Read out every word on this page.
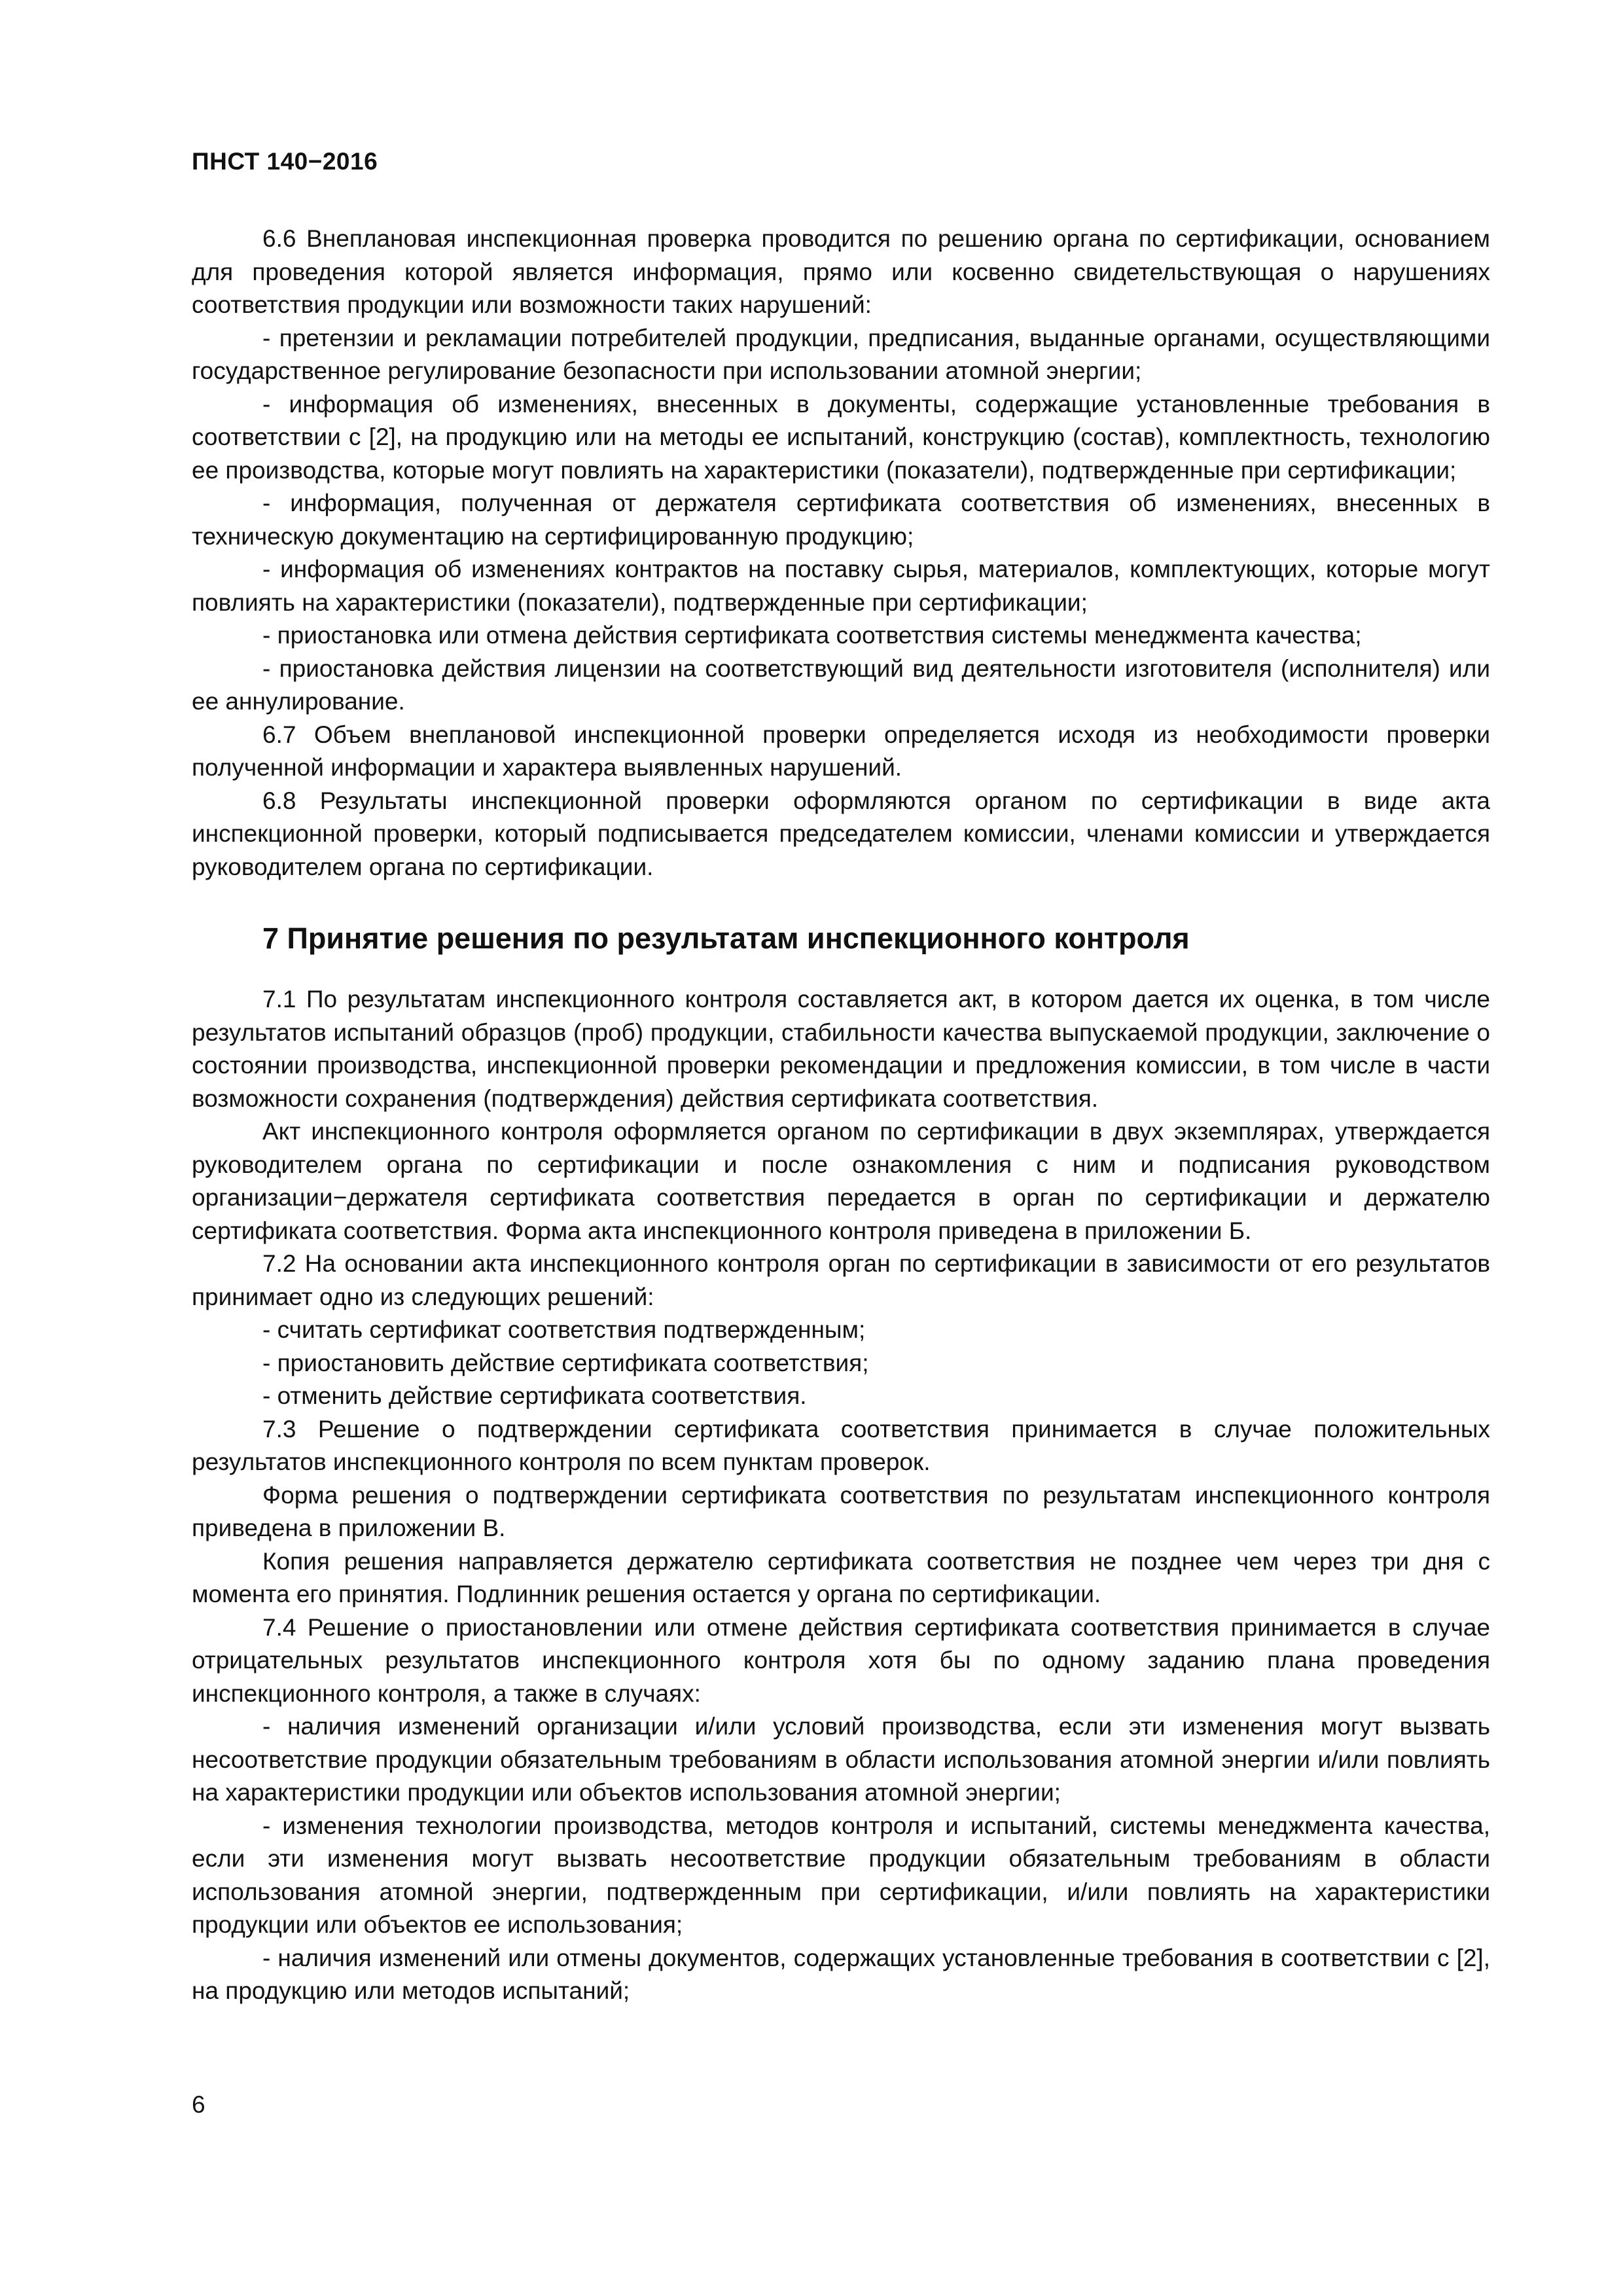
ПНСТ 140−2016

6.6 Внеплановая инспекционная проверка проводится по решению органа по сертификации, основанием для проведения которой является информация, прямо или косвенно свидетельствующая о нарушениях соответствия продукции или возможности таких нарушений:

- претензии и рекламации потребителей продукции, предписания, выданные органами, осуществляющими государственное регулирование безопасности при использовании атомной энергии;

- информация об изменениях, внесенных в документы, содержащие установленные требования в соответствии с [2], на продукцию или на методы ее испытаний, конструкцию (состав), комплектность, технологию ее производства, которые могут повлиять на характеристики (показатели), подтвержденные при сертификации;

- информация, полученная от держателя сертификата соответствия об изменениях, внесенных в техническую документацию на сертифицированную продукцию;

- информация об изменениях контрактов на поставку сырья, материалов, комплектующих, которые могут повлиять на характеристики (показатели), подтвержденные при сертификации;

- приостановка или отмена действия сертификата соответствия системы менеджмента качества;

- приостановка действия лицензии на соответствующий вид деятельности изготовителя (исполнителя) или ее аннулирование.

6.7 Объем внеплановой инспекционной проверки определяется исходя из необходимости проверки полученной информации и характера выявленных нарушений.

6.8 Результаты инспекционной проверки оформляются органом по сертификации в виде акта инспекционной проверки, который подписывается председателем комиссии, членами комиссии и утверждается руководителем органа по сертификации.

7 Принятие решения по результатам инспекционного контроля

7.1 По результатам инспекционного контроля составляется акт, в котором дается их оценка, в том числе результатов испытаний образцов (проб) продукции, стабильности качества выпускаемой продукции, заключение о состоянии производства, инспекционной проверки рекомендации и предложения комиссии, в том числе в части возможности сохранения (подтверждения) действия сертификата соответствия.

Акт инспекционного контроля оформляется органом по сертификации в двух экземплярах, утверждается руководителем органа по сертификации и после ознакомления с ним и подписания руководством организации−держателя сертификата соответствия передается в орган по сертификации и держателю сертификата соответствия. Форма акта инспекционного контроля приведена в приложении Б.

7.2 На основании акта инспекционного контроля орган по сертификации в зависимости от его результатов принимает одно из следующих решений:

- считать сертификат соответствия подтвержденным;

- приостановить действие сертификата соответствия;

- отменить действие сертификата соответствия.

7.3 Решение о подтверждении сертификата соответствия принимается в случае положительных результатов инспекционного контроля по всем пунктам проверок.

Форма решения о подтверждении сертификата соответствия по результатам инспекционного контроля приведена в приложении В.

Копия решения направляется держателю сертификата соответствия не позднее чем через три дня с момента его принятия. Подлинник решения остается у органа по сертификации.

7.4 Решение о приостановлении или отмене действия сертификата соответствия принимается в случае отрицательных результатов инспекционного контроля хотя бы по одному заданию плана проведения инспекционного контроля, а также в случаях:

- наличия изменений организации и/или условий производства, если эти изменения могут вызвать несоответствие продукции обязательным требованиям в области использования атомной энергии и/или повлиять на характеристики продукции или объектов использования атомной энергии;

- изменения технологии производства, методов контроля и испытаний, системы менеджмента качества, если эти изменения могут вызвать несоответствие продукции обязательным требованиям в области использования атомной энергии, подтвержденным при сертификации, и/или повлиять на характеристики продукции или объектов ее использования;

- наличия изменений или отмены документов, содержащих установленные требования в соответствии с [2], на продукцию или методов испытаний;

6
